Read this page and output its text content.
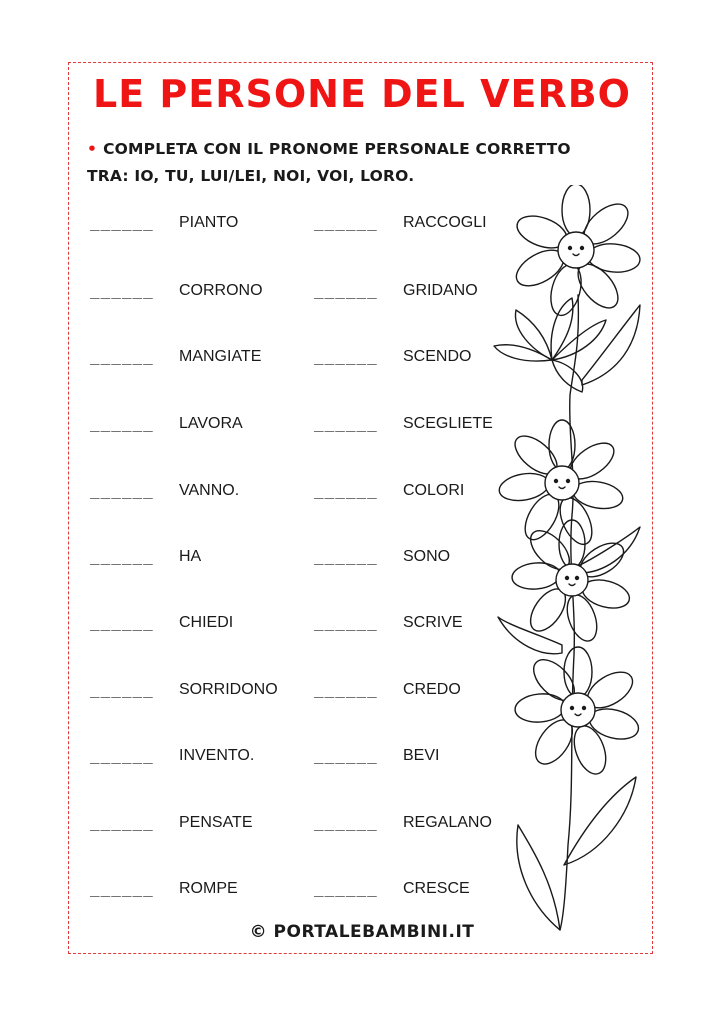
LE PERSONE DEL VERBO
• COMPLETA CON IL PRONOME PERSONALE CORRETTO
TRA: IO, TU, LUI/LEI, NOI, VOI, LORO.
______ PIANTO
______ CORRONO
______ MANGIATE
______ LAVORA
______ VANNO.
______ HA
______ CHIEDI
______ SORRIDONO
______ INVENTO.
______ PENSATE
______ ROMPE
______ RACCOGLI
______ GRIDANO
______ SCENDO
______ SCEGLIETE
______ COLORI
______ SONO
______ SCRIVE
______ CREDO
______ BEVI
______ REGALANO
______ CRESCE
© PORTALEBAMBINI.IT
